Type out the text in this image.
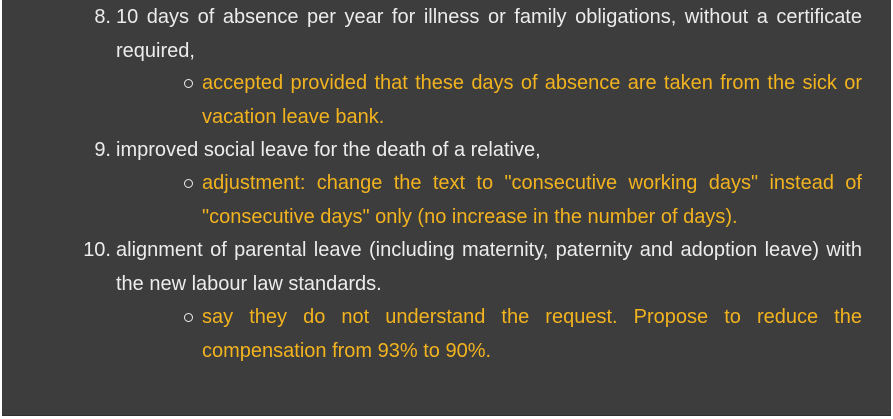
8. 10 days of absence per year for illness or family obligations, without a certificate required,

accepted provided that these days of absence are taken from the sick or vacation leave bank.

9. improved social leave for the death of a relative,

adjustment: change the text to "consecutive working days" instead of "consecutive days" only (no increase in the number of days).

10. alignment of parental leave (including maternity, paternity and adoption leave) with the new labour law standards.

say they do not understand the request. Propose to reduce the compensation from 93% to 90%.
